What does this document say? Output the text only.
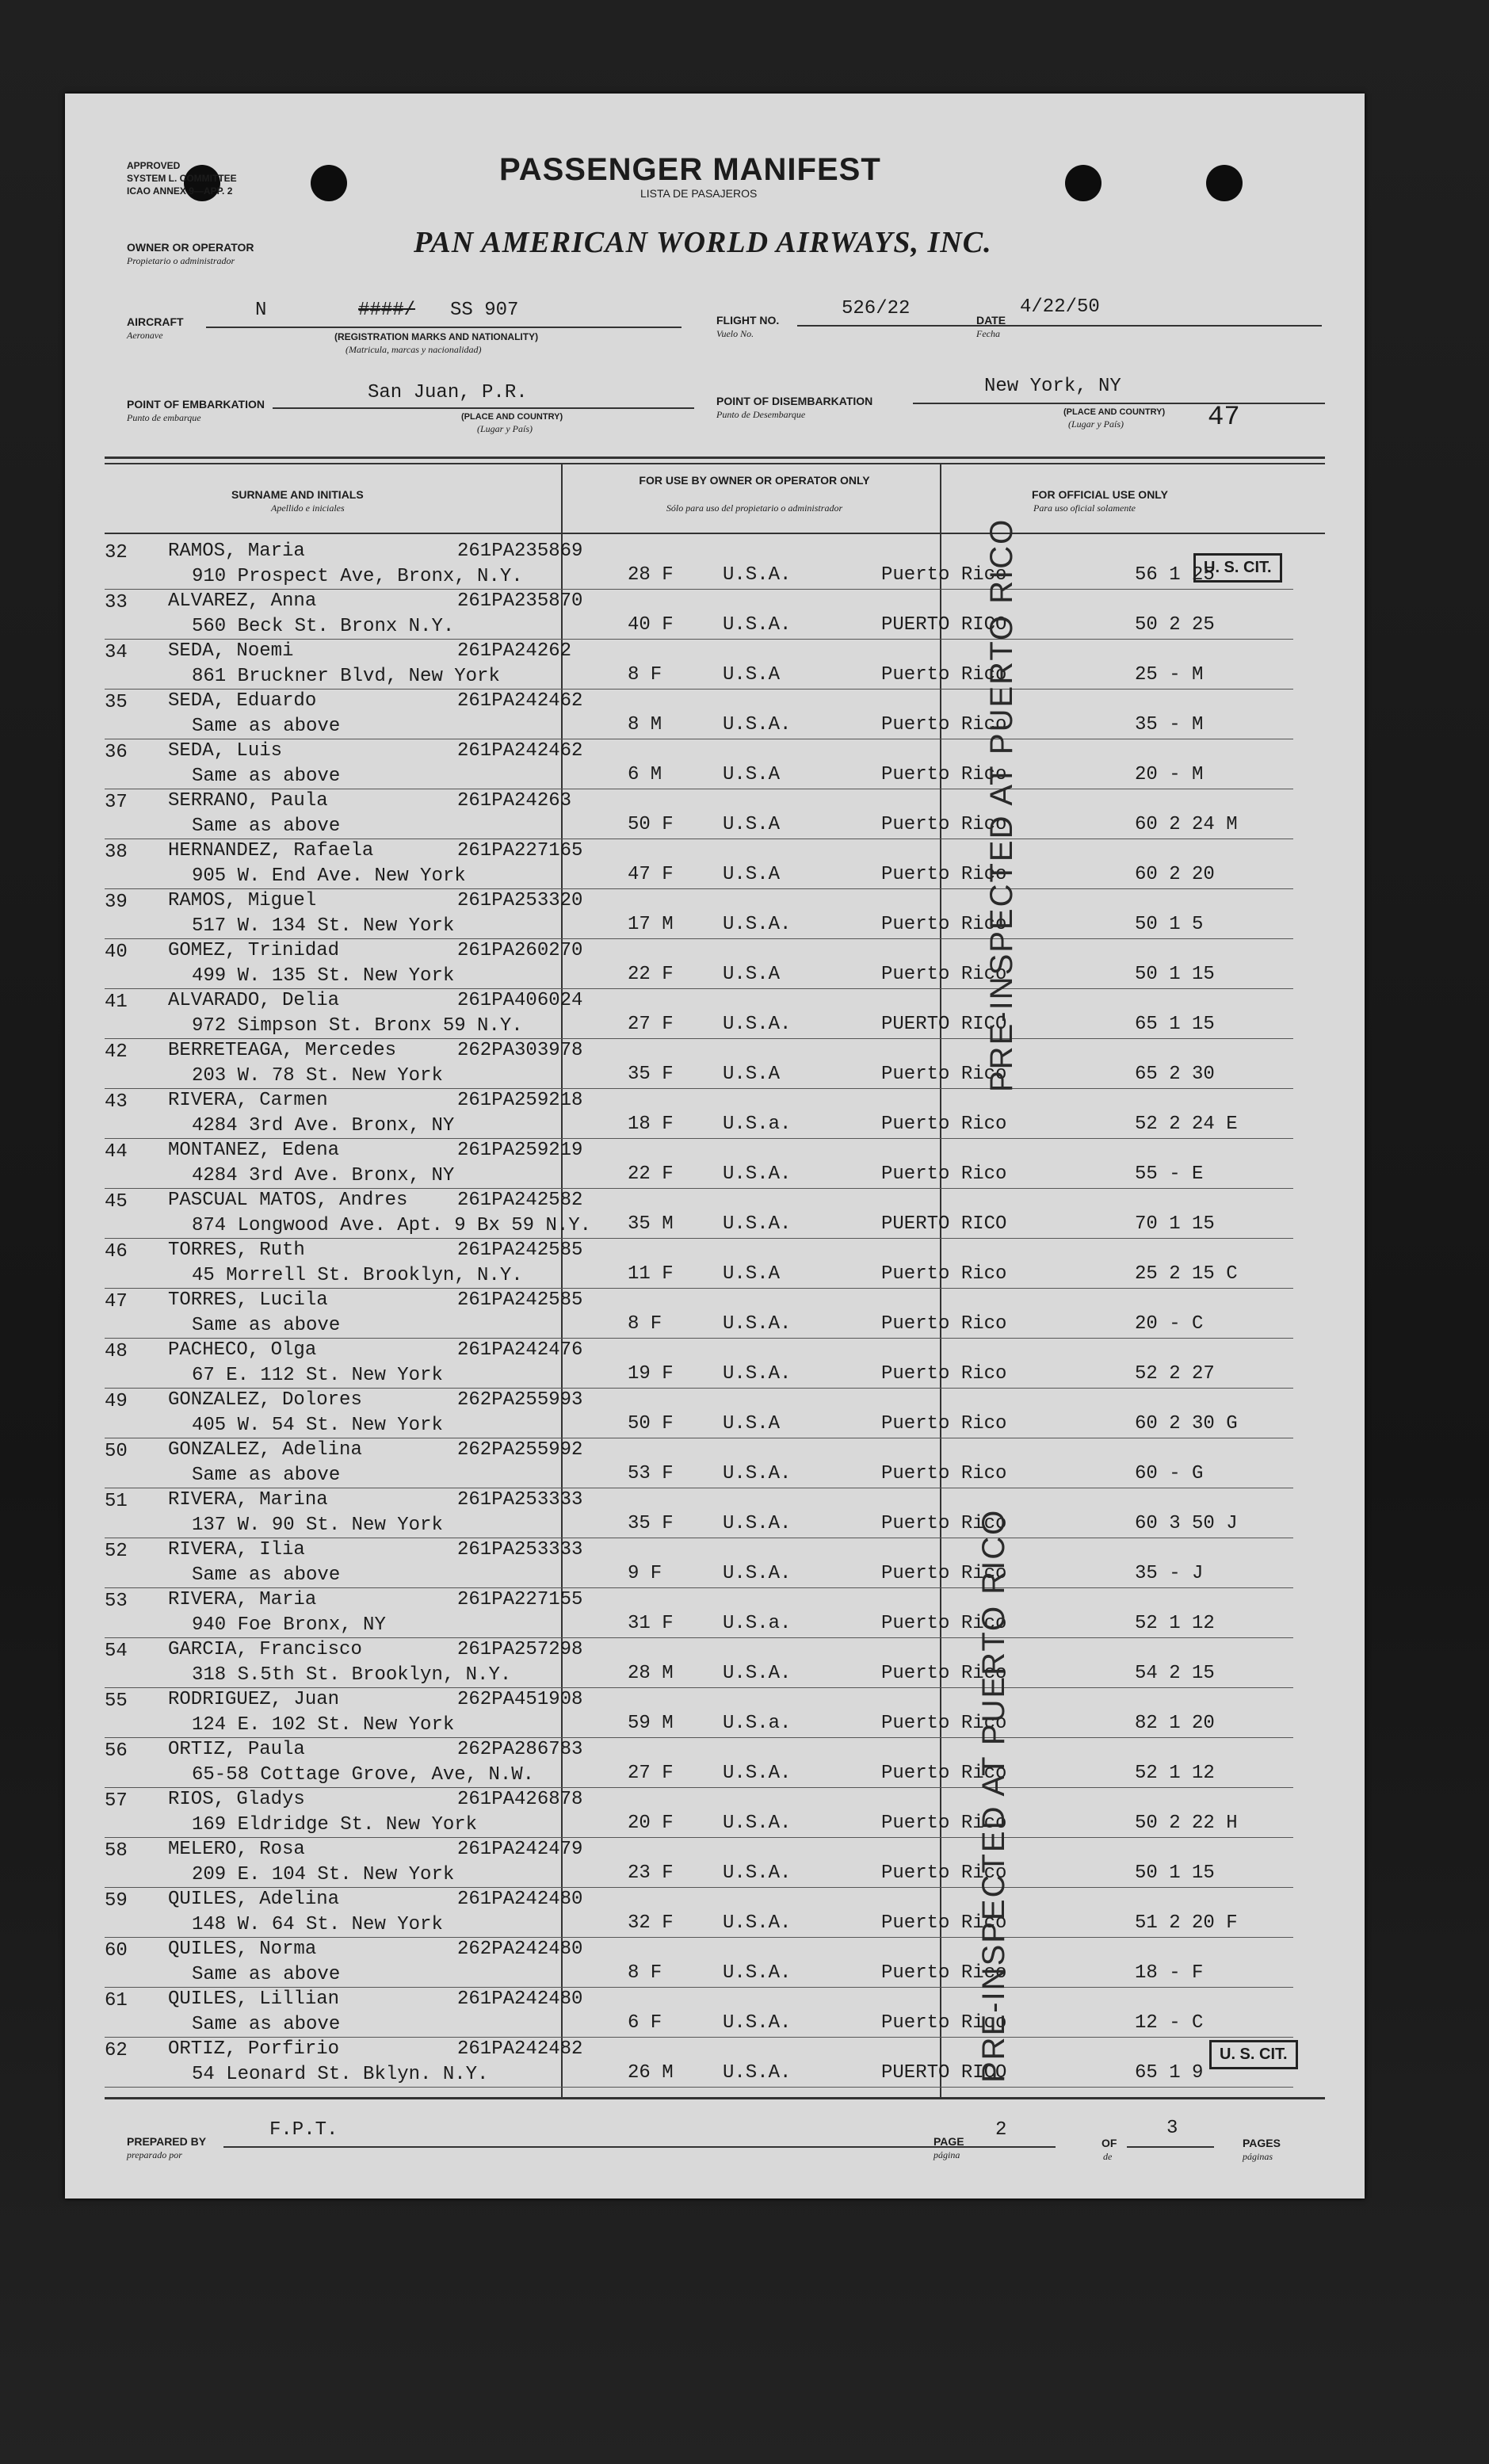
APPROVED
SYSTEM L. COMMITTEE
ICAO ANNEX 9—APP. 2
PASSENGER MANIFEST
LISTA DE PASAJEROS
OWNER OR OPERATOR
Propietario o administrador
PAN AMERICAN WORLD AIRWAYS, INC.
AIRCRAFT
Aeronave
N	####/ SS 907
(REGISTRATION MARKS AND NATIONALITY)
(Matricula, marcas y nacionalidad)
FLIGHT NO.
Vuelo No.
526/22
DATE
Fecha
4/22/50
POINT OF EMBARKATION
Punto de embarque
San Juan, P.R.
(PLACE AND COUNTRY)
(Lugar y País)
POINT OF DISEMBARKATION
Punto de Desembarque
New York, NY
(PLACE AND COUNTRY)
(Lugar y País)	47
SURNAME AND INITIALS
Apellido e iniciales
FOR USE BY OWNER OR OPERATOR ONLY
Sólo para uso del propietario o administrador
FOR OFFICIAL USE ONLY
Para uso oficial solamente
32 RAMOS, Maria	261PA235869
910 Prospect Ave, Bronx, N.Y.	28 F	U.S.A.	Puerto Rico	56 1 25
33 ALVAREZ, Anna	261PA235870
560 Beck St. Bronx N.Y.	40 F	U.S.A.	PUERTO RICO	50 2 25
34 SEDA, Noemi	261PA24262
861 Bruckner Blvd, New York	8 F	U.S.A	Puerto Rico	25 - M
35 SEDA, Eduardo	261PA242462
Same as above	8 M	U.S.A.	Puerto Rico	35 - M
36 SEDA, Luis	261PA242462
Same as above	6 M	U.S.A	Puerto Rico	20 - M
37 SERRANO, Paula	261PA24263
Same as above	50 F	U.S.A	Puerto Rico	60 2 24 M
38 HERNANDEZ, Rafaela	261PA227165
905 W. End Ave. New York	47 F	U.S.A	Puerto Rico	60 2 20
39 RAMOS, Miguel	261PA253320
517 W. 134 St. New York	17 M	U.S.A.	Puerto Rico	50 1 5
40 GOMEZ, Trinidad	261PA260270
499 W. 135 St. New York	22 F	U.S.A	Puerto Rico	50 1 15
41 ALVARADO, Delia	261PA406024
972 Simpson St. Bronx 59 N.Y.	27 F	U.S.A.	PUERTO RICO	65 1 15
42 BERRETEAGA, Mercedes	262PA303978
203 W. 78 St. New York	35 F	U.S.A	Puerto Rico	65 2 30
43 RIVERA, Carmen	261PA259218
4284 3rd Ave. Bronx, NY	18 F	U.S.a.	Puerto Rico	52 2 24 E
44 MONTANEZ, Edena	261PA259219
4284 3rd Ave. Bronx, NY	22 F	U.S.A.	Puerto Rico	55 - E
45 PASCUAL MATOS, Andres	261PA242582
874 Longwood Ave. Apt. 9 Bx 59 N.Y. 35 M	U.S.A.	PUERTO RICO	70 1 15
46 TORRES, Ruth	261PA242585
45 Morrell St. Brooklyn, N.Y.	11 F	U.S.A	Puerto Rico	25 2 15 C
47 TORRES, Lucila	261PA242585
Same as above	8 F	U.S.A.	Puerto Rico	20 - C
48 PACHECO, Olga	261PA242476
67 E. 112 St. New York	19 F	U.S.A.	Puerto Rico	52 2 27
49 GONZALEZ, Dolores	262PA255993
405 W. 54 St. New York	50 F	U.S.A	Puerto Rico	60 2 30 G
50 GONZALEZ, Adelina	262PA255992
Same as above	53 F	U.S.A.	Puerto Rico	60 - G
51 RIVERA, Marina	261PA253333
137 W. 90 St. New York	35 F	U.S.A.	Puerto Rico	60 3 50 J
52 RIVERA, Ilia	261PA253333
Same as above	9 F	U.S.A.	Puerto Rico	35 - J
53 RIVERA, Maria	261PA227155
940 Foe Bronx, NY	31 F	U.S.a.	Puerto Rico	52 1 12
54 GARCIA, Francisco	261PA257298
318 S.5th St. Brooklyn, N.Y.	28 M	U.S.A.	Puerto Rico	54 2 15
55 RODRIGUEZ, Juan	262PA451908
124 E. 102 St. New York	59 M	U.S.a.	Puerto Rico	82 1 20
56 ORTIZ, Paula	262PA286783
65-58 Cottage Grove, Ave, N.W.	27 F	U.S.A.	Puerto Rico	52 1 12
57 RIOS, Gladys	261PA426878
169 Eldridge St. New York	20 F	U.S.A.	Puerto Rico	50 2 22 H
58 MELERO, Rosa	261PA242479
209 E. 104 St. New York	23 F	U.S.A.	Puerto Rico	50 1 15
59 QUILES, Adelina	261PA242480
148 W. 64 St. New York	32 F	U.S.A.	Puerto Rico	51 2 20 F
60 QUILES, Norma	262PA242480
Same as above	8 F	U.S.A.	Puerto Rico	18 - F
61 QUILES, Lillian	261PA242480
Same as above	6 F	U.S.A.	Puerto Rico	12 - C
62 ORTIZ, Porfirio	261PA242482
54 Leonard St. Bklyn. N.Y.	26 M	U.S.A.	PUERTO RICO	65 1 9
PRE-INSPECTED AT PUERTO RICO
PRE-INSPECTED AT PUERTO RICO
U. S. CIT.
U. S. CIT.
PREPARED BY
preparado por
F.P.T.
PAGE
página
2
OF
de
3
PAGES
páginas
